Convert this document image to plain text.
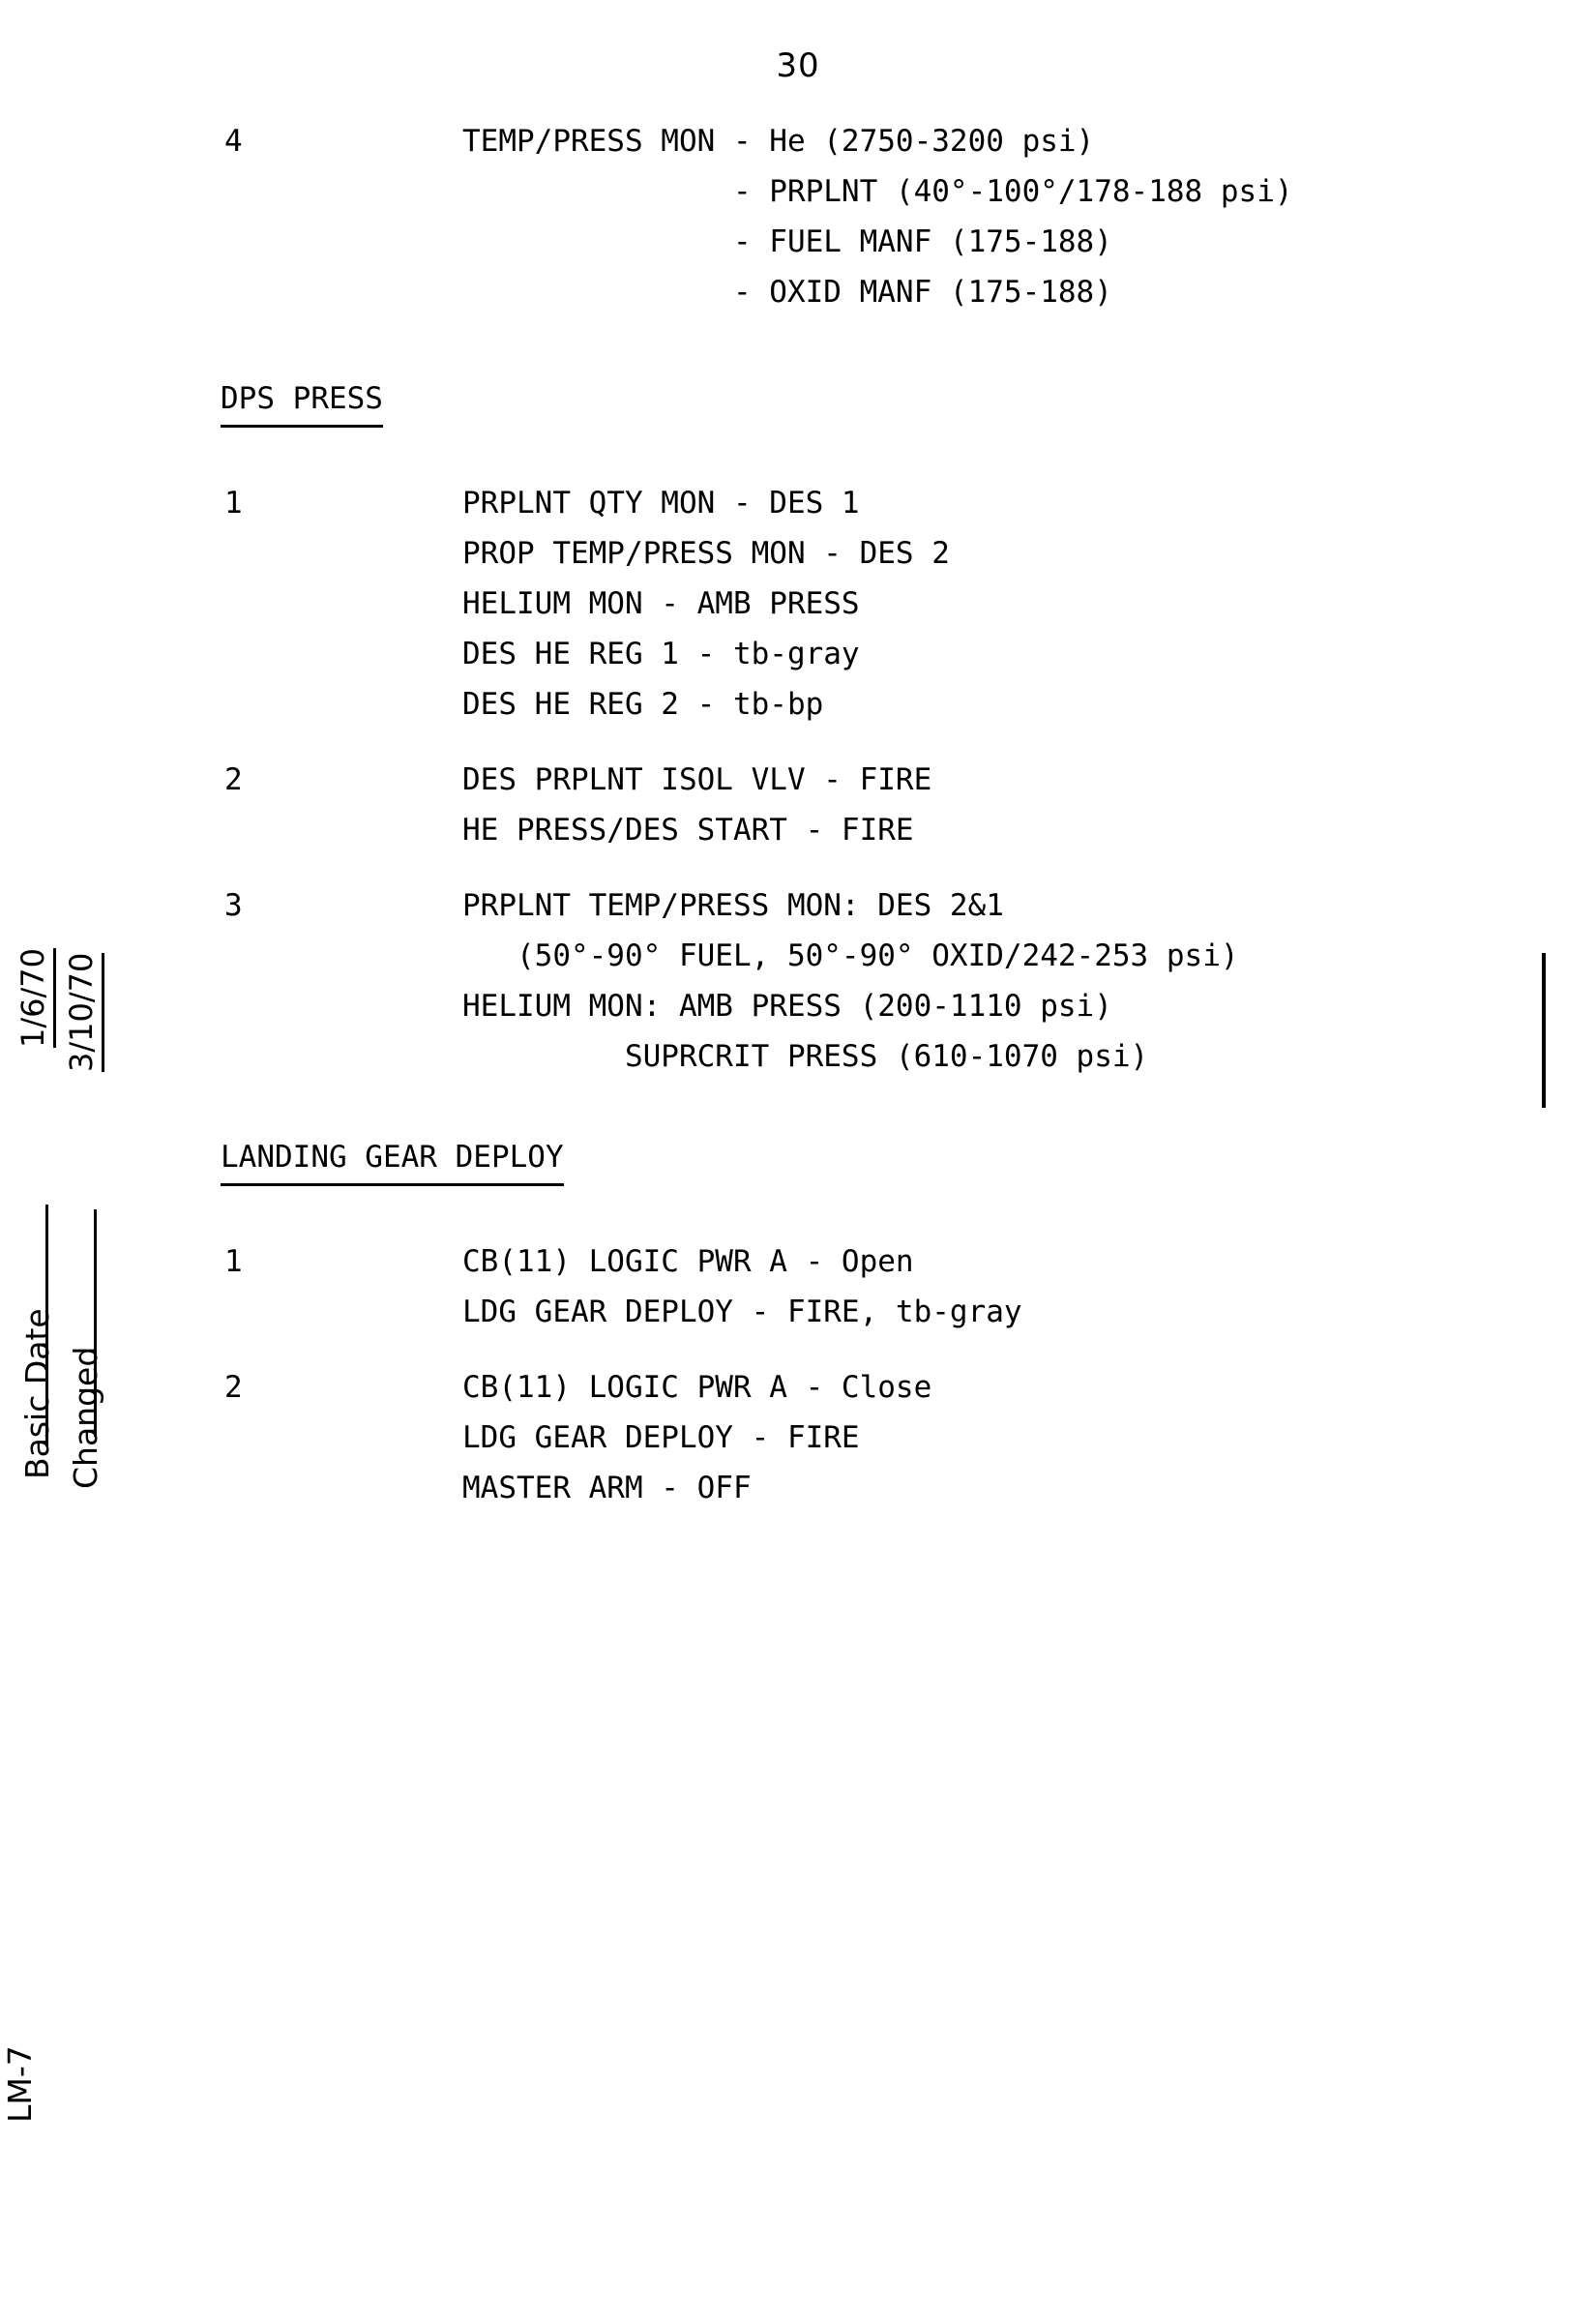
30
1/6/70 3/10/70
Basic Date Changed
LM-7
4	TEMP/PRESS MON - He (2750-3200 psi)
- PRPLNT (40°-100°/178-188 psi)
- FUEL MANF (175-188)
- OXID MANF (175-188)
DPS PRESS
1	PRPLNT QTY MON - DES 1
PROP TEMP/PRESS MON - DES 2
HELIUM MON - AMB PRESS
DES HE REG 1 - tb-gray
DES HE REG 2 - tb-bp
2	DES PRPLNT ISOL VLV - FIRE
HE PRESS/DES START - FIRE
3	PRPLNT TEMP/PRESS MON: DES 2&1
(50°-90° FUEL, 50°-90° OXID/242-253 psi)
HELIUM MON: AMB PRESS (200-1110 psi)
SUPRCRIT PRESS (610-1070 psi)
LANDING GEAR DEPLOY
1	CB(11) LOGIC PWR A - Open
LDG GEAR DEPLOY - FIRE, tb-gray
2	CB(11) LOGIC PWR A - Close
LDG GEAR DEPLOY - FIRE
MASTER ARM - OFF
